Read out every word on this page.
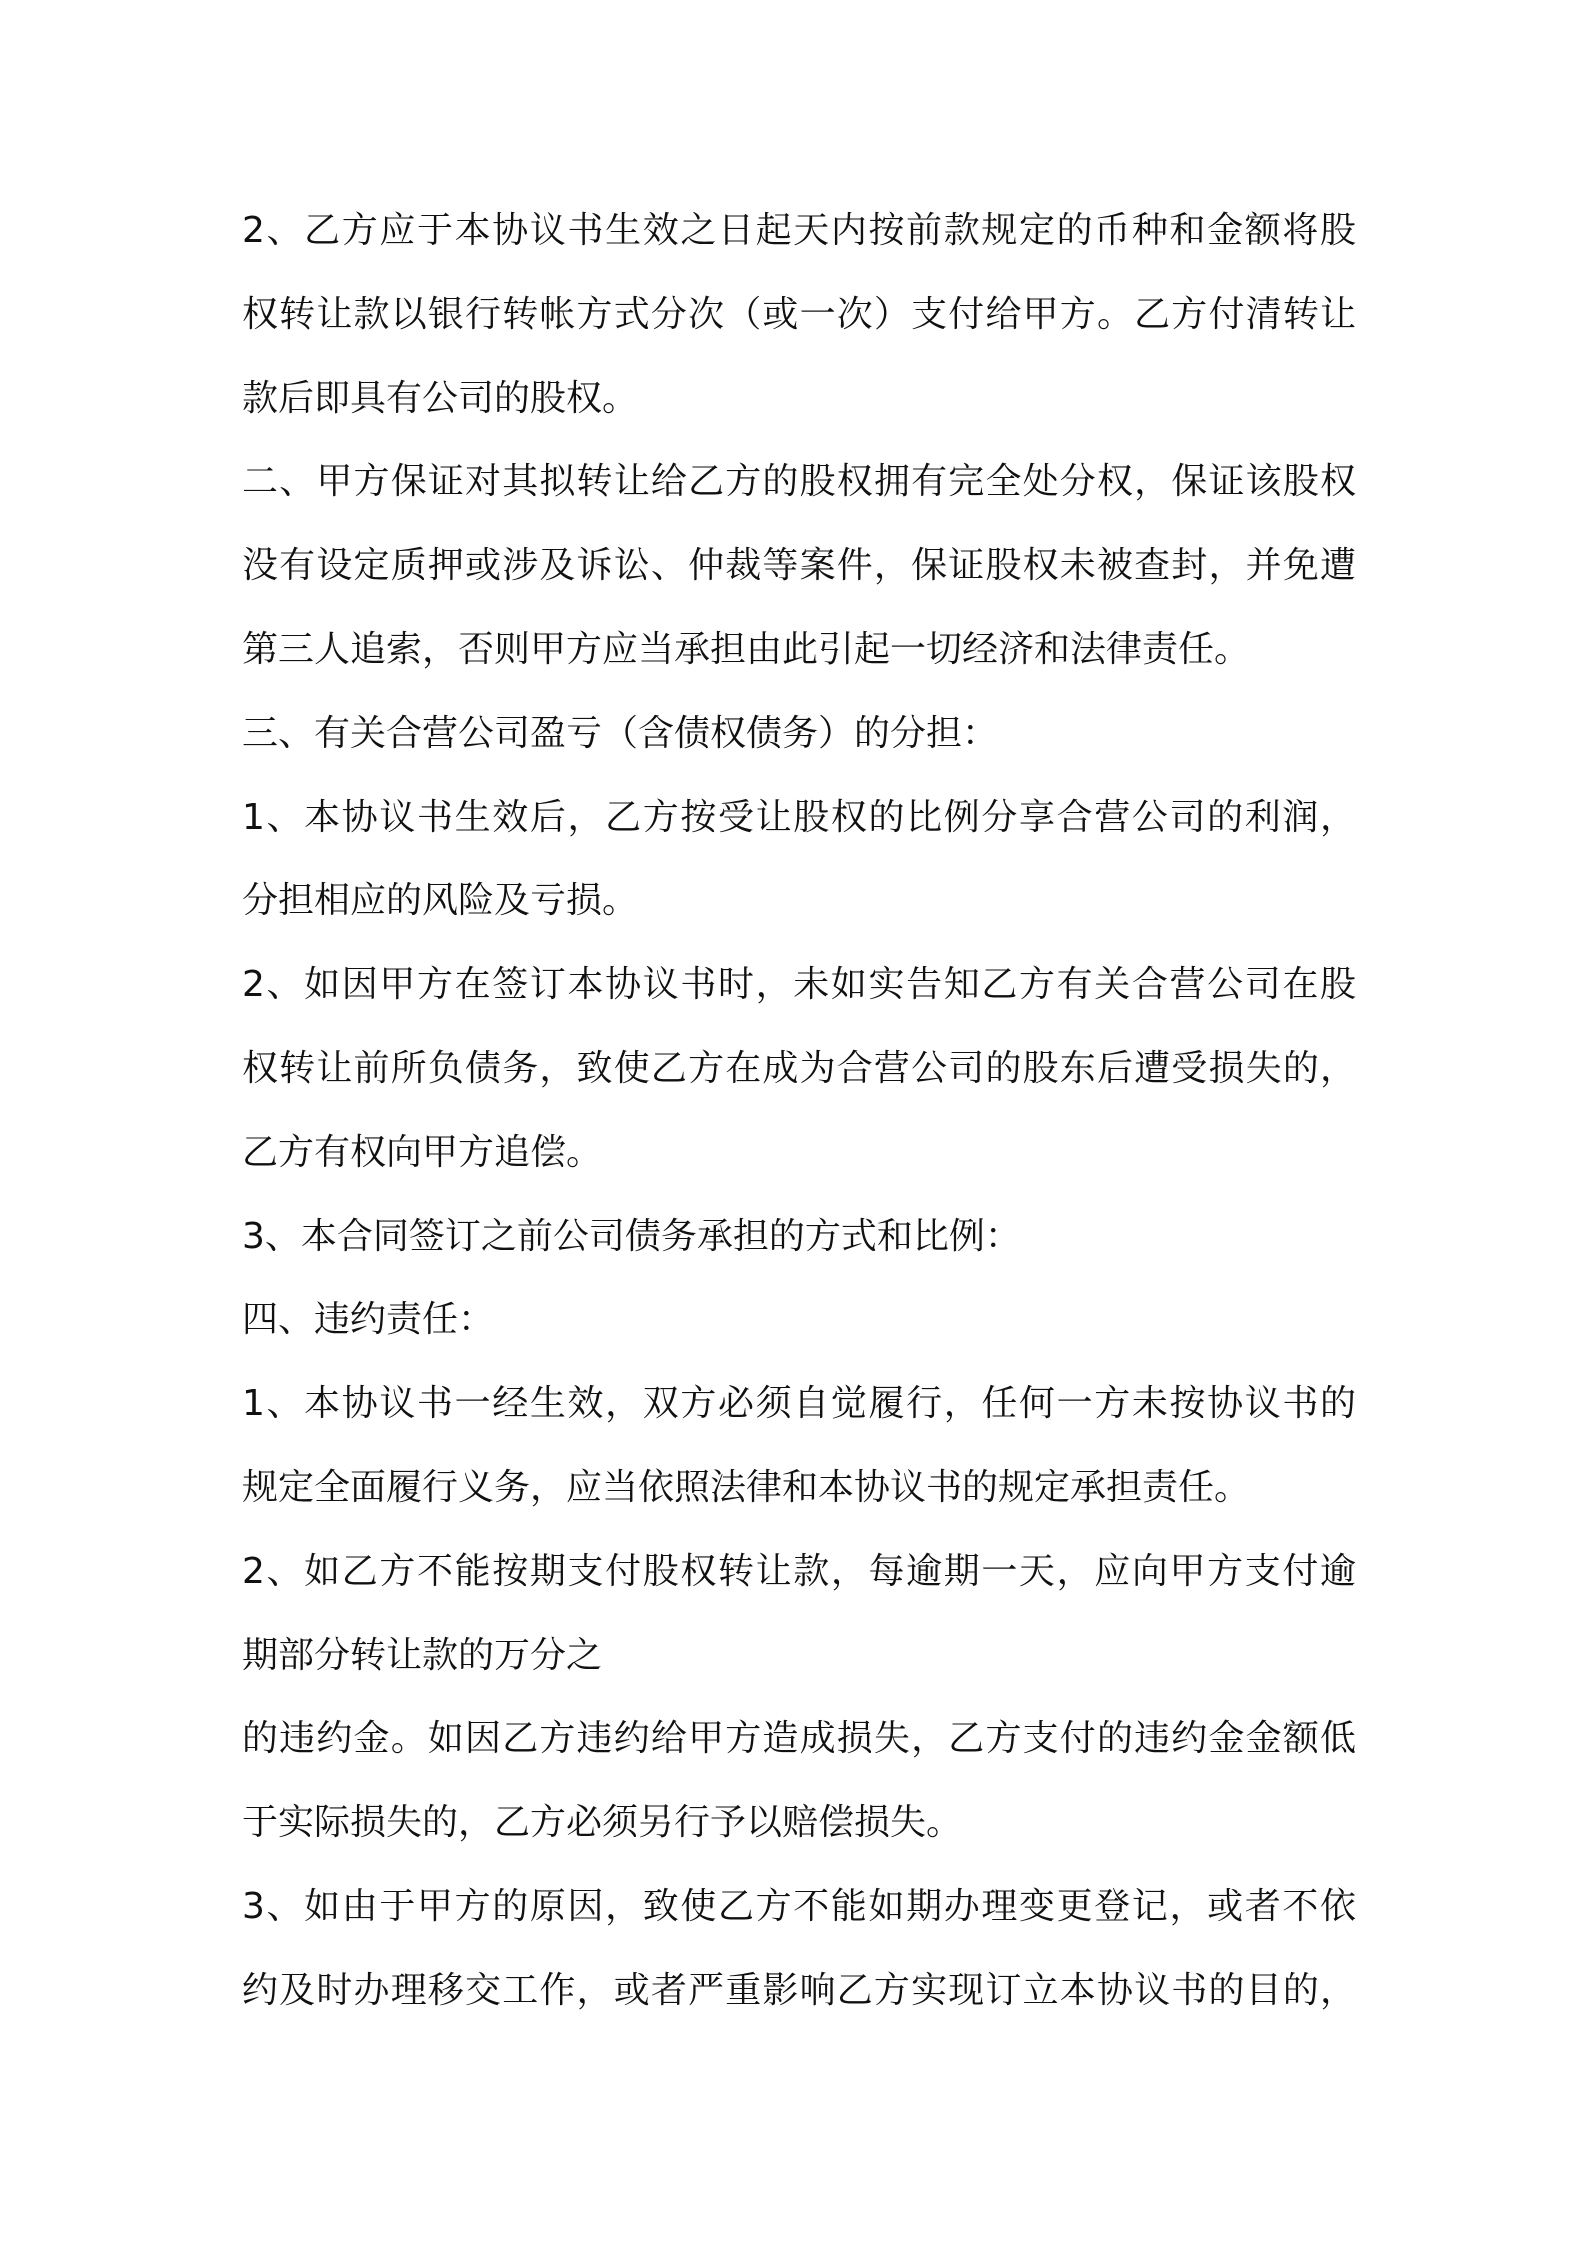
2、乙方应于本协议书生效之日起天内按前款规定的币种和金额将股
权转让款以银行转帐方式分次（或一次）支付给甲方。乙方付清转让
款后即具有公司的股权。
二、甲方保证对其拟转让给乙方的股权拥有完全处分权，保证该股权
没有设定质押或涉及诉讼、仲裁等案件，保证股权未被查封，并免遭
第三人追索，否则甲方应当承担由此引起一切经济和法律责任。
三、有关合营公司盈亏（含债权债务）的分担：
1、本协议书生效后，乙方按受让股权的比例分享合营公司的利润，
分担相应的风险及亏损。
2、如因甲方在签订本协议书时，未如实告知乙方有关合营公司在股
权转让前所负债务，致使乙方在成为合营公司的股东后遭受损失的，
乙方有权向甲方追偿。
3、本合同签订之前公司债务承担的方式和比例：
四、违约责任：
1、本协议书一经生效，双方必须自觉履行，任何一方未按协议书的
规定全面履行义务，应当依照法律和本协议书的规定承担责任。
2、如乙方不能按期支付股权转让款，每逾期一天，应向甲方支付逾
期部分转让款的万分之
的违约金。如因乙方违约给甲方造成损失，乙方支付的违约金金额低
于实际损失的，乙方必须另行予以赔偿损失。
3、如由于甲方的原因，致使乙方不能如期办理变更登记，或者不依
约及时办理移交工作，或者严重影响乙方实现订立本协议书的目的，
